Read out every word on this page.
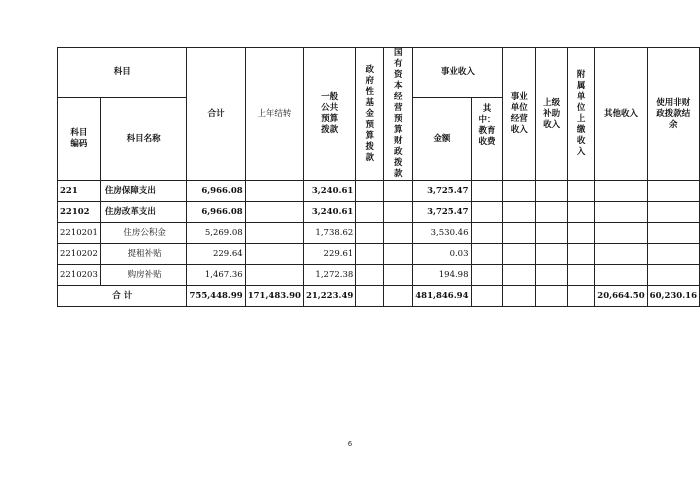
科目		合计	上年结转	一般公共预算拨款	政府性基金预算拨款	国有资本经营预算财政拨款	事业收入		事业单位经营收入	上级补助收入	附属单位上缴收入	其他收入	使用非财政拨款结余
科目编码	科目名称						金额	其中：教育收费					
221	住房保障支出	6,966.08		3,240.61			3,725.47						
22102	住房改革支出	6,966.08		3,240.61			3,725.47						
2210201	住房公积金	5,269.08		1,738.62			3,530.46						
2210202	提租补贴	229.64		229.61			0.03						
2210203	购房补贴	1,467.36		1,272.38			194.98						
合 计		755,448.99	171,483.90	21,223.49			481,846.94					20,664.50	60,230.16
6
